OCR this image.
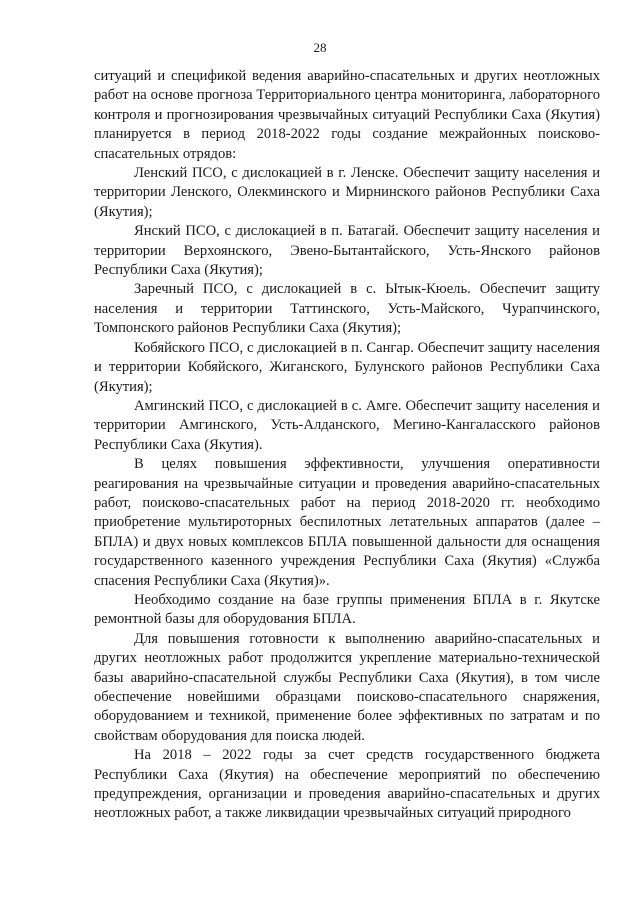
28

ситуаций и спецификой ведения аварийно-спасательных и других неотложных работ на основе прогноза Территориального центра мониторинга, лабораторного контроля и прогнозирования чрезвычайных ситуаций Республики Саха (Якутия) планируется в период 2018-2022 годы создание межрайонных поисково-спасательных отрядов:

Ленский ПСО, с дислокацией в г. Ленске. Обеспечит защиту населения и территории Ленского, Олекминского и Мирнинского районов Республики Саха (Якутия);

Янский ПСО, с дислокацией в п. Батагай. Обеспечит защиту населения и территории Верхоянского, Эвено-Бытантайского, Усть-Янского районов Республики Саха (Якутия);

Заречный ПСО, с дислокацией в с. Ытык-Кюель. Обеспечит защиту населения и территории Таттинского, Усть-Майского, Чурапчинского, Томпонского районов Республики Саха (Якутия);

Кобяйского ПСО, с дислокацией в п. Сангар. Обеспечит защиту населения и территории Кобяйского, Жиганского, Булунского районов Республики Саха (Якутия);

Амгинский ПСО, с дислокацией в с. Амге. Обеспечит защиту населения и территории Амгинского, Усть-Алданского, Мегино-Кангаласского районов Республики Саха (Якутия).

В целях повышения эффективности, улучшения оперативности реагирования на чрезвычайные ситуации и проведения аварийно-спасательных работ, поисково-спасательных работ на период 2018-2020 гг. необходимо приобретение мультироторных беспилотных летательных аппаратов (далее – БПЛА) и двух новых комплексов БПЛА повышенной дальности для оснащения государственного казенного учреждения Республики Саха (Якутия) «Служба спасения Республики Саха (Якутия)».

Необходимо создание на базе группы применения БПЛА в г. Якутске ремонтной базы для оборудования БПЛА.

Для повышения готовности к выполнению аварийно-спасательных и других неотложных работ продолжится укрепление материально-технической базы аварийно-спасательной службы Республики Саха (Якутия), в том числе обеспечение новейшими образцами поисково-спасательного снаряжения, оборудованием и техникой, применение более эффективных по затратам и по свойствам оборудования для поиска людей.

На 2018 – 2022 годы за счет средств государственного бюджета Республики Саха (Якутия) на обеспечение мероприятий по обеспечению предупреждения, организации и проведения аварийно-спасательных и других неотложных работ, а также ликвидации чрезвычайных ситуаций природного
